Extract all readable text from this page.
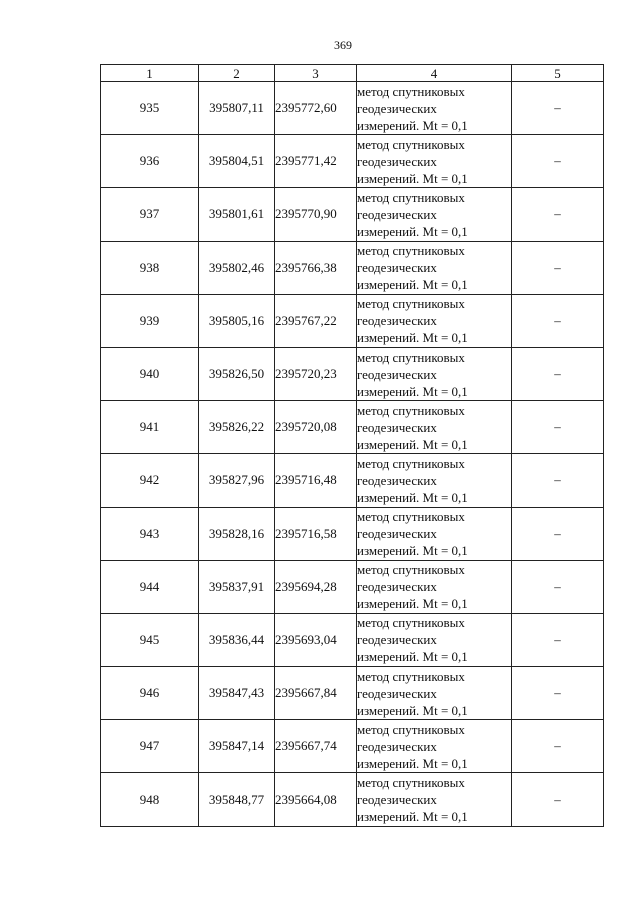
369
1	2	3	4	5
935	395807,11	2395772,60	метод спутниковых
геодезических
измерений. Mt = 0,1	–
936	395804,51	2395771,42	метод спутниковых
геодезических
измерений. Mt = 0,1	–
937	395801,61	2395770,90	метод спутниковых
геодезических
измерений. Mt = 0,1	–
938	395802,46	2395766,38	метод спутниковых
геодезических
измерений. Mt = 0,1	–
939	395805,16	2395767,22	метод спутниковых
геодезических
измерений. Mt = 0,1	–
940	395826,50	2395720,23	метод спутниковых
геодезических
измерений. Mt = 0,1	–
941	395826,22	2395720,08	метод спутниковых
геодезических
измерений. Mt = 0,1	–
942	395827,96	2395716,48	метод спутниковых
геодезических
измерений. Mt = 0,1	–
943	395828,16	2395716,58	метод спутниковых
геодезических
измерений. Mt = 0,1	–
944	395837,91	2395694,28	метод спутниковых
геодезических
измерений. Mt = 0,1	–
945	395836,44	2395693,04	метод спутниковых
геодезических
измерений. Mt = 0,1	–
946	395847,43	2395667,84	метод спутниковых
геодезических
измерений. Mt = 0,1	–
947	395847,14	2395667,74	метод спутниковых
геодезических
измерений. Mt = 0,1	–
948	395848,77	2395664,08	метод спутниковых
геодезических
измерений. Mt = 0,1	–
